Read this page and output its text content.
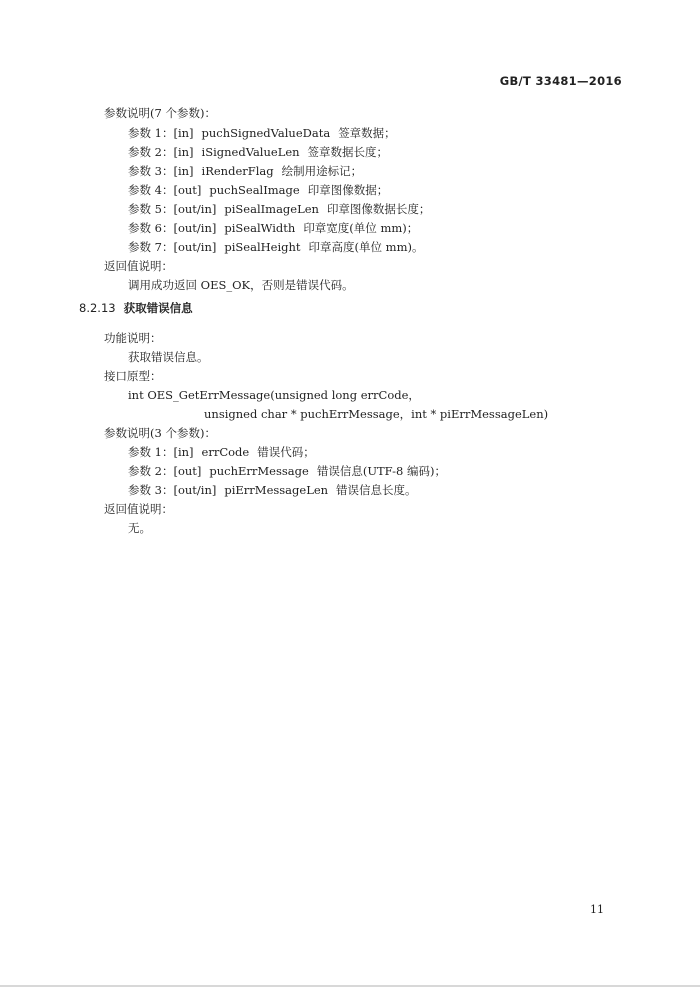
GB/T 33481—2016
参数说明(7 个参数)：
参数 1：[in] puchSignedValueData 签章数据；
参数 2：[in] iSignedValueLen 签章数据长度；
参数 3：[in] iRenderFlag 绘制用途标记；
参数 4：[out] puchSealImage 印章图像数据；
参数 5：[out/in] piSealImageLen 印章图像数据长度；
参数 6：[out/in] piSealWidth 印章宽度(单位 mm)；
参数 7：[out/in] piSealHeight 印章高度(单位 mm)。
返回值说明：
调用成功返回 OES_OK，否则是错误代码。
8.2.13 获取错误信息
功能说明：
获取错误信息。
接口原型：
int OES_GetErrMessage(unsigned long errCode，
unsigned char * puchErrMessage，int * piErrMessageLen)
参数说明(3 个参数)：
参数 1：[in] errCode 错误代码；
参数 2：[out] puchErrMessage 错误信息(UTF-8 编码)；
参数 3：[out/in] piErrMessageLen 错误信息长度。
返回值说明：
无。
11
